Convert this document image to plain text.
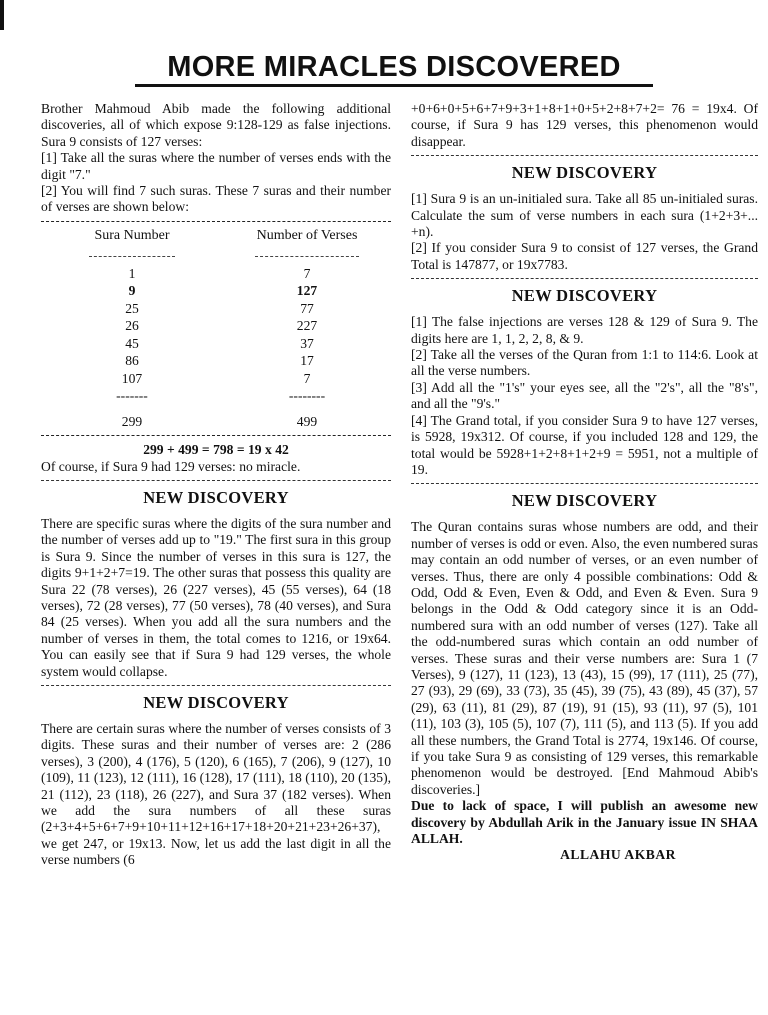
MORE MIRACLES DISCOVERED

Brother Mahmoud Abib made the following additional discoveries, all of which expose 9:128-129 as false injections. Sura 9 consists of 127 verses:

[1] Take all the suras where the number of verses ends with the digit "7."

[2] You will find 7 such suras. These 7 suras and their number of verses are shown below:

Sura Number	Number of Verses

1	7
9	127
25	77
26	227
45	37
86	17
107	7
-------	--------

299	499
299 + 499 = 798 = 19 x 42

Of course, if Sura 9 had 129 verses: no miracle.

NEW DISCOVERY

There are specific suras where the digits of the sura number and the number of verses add up to "19." The first sura in this group is Sura 9. Since the number of verses in this sura is 127, the digits 9+1+2+7=19. The other suras that possess this quality are Sura 22 (78 verses), 26 (227 verses), 45 (55 verses), 64 (18 verses), 72 (28 verses), 77 (50 verses), 78 (40 verses), and Sura 84 (25 verses). When you add all the sura numbers and the number of verses in them, the total comes to 1216, or 19x64. You can easily see that if Sura 9 had 129 verses, the whole system would collapse.

NEW DISCOVERY

There are certain suras where the number of verses consists of 3 digits. These suras and their number of verses are: 2 (286 verses), 3 (200), 4 (176), 5 (120), 6 (165), 7 (206), 9 (127), 10 (109), 11 (123), 12 (111), 16 (128), 17 (111), 18 (110), 20 (135), 21 (112), 23 (118), 26 (227), and Sura 37 (182 verses). When we add the sura numbers of all these suras (2+3+4+5+6+7+9+10+11+12+16+17+18+20+21+23+26+37), we get 247, or 19x13. Now, let us add the last digit in all the verse numbers (6

+0+6+0+5+6+7+9+3+1+8+1+0+5+2+8+7+2= 76 = 19x4. Of course, if Sura 9 has 129 verses, this phenomenon would disappear.

NEW DISCOVERY

[1] Sura 9 is an un-initialed sura. Take all 85 un-initialed suras. Calculate the sum of verse numbers in each sura (1+2+3+... +n).

[2] If you consider Sura 9 to consist of 127 verses, the Grand Total is 147877, or 19x7783.

NEW DISCOVERY

[1] The false injections are verses 128 & 129 of Sura 9. The digits here are 1, 1, 2, 2, 8, & 9.

[2] Take all the verses of the Quran from 1:1 to 114:6. Look at all the verse numbers.

[3] Add all the "1's" your eyes see, all the "2's", all the "8's", and all the "9's."

[4] The Grand total, if you consider Sura 9 to have 127 verses, is 5928, 19x312. Of course, if you included 128 and 129, the total would be 5928+1+2+8+1+2+9 = 5951, not a multiple of 19.

NEW DISCOVERY

The Quran contains suras whose numbers are odd, and their number of verses is odd or even. Also, the even numbered suras may contain an odd number of verses, or an even number of verses. Thus, there are only 4 possible combinations: Odd & Odd, Odd & Even, Even & Odd, and Even & Even. Sura 9 belongs in the Odd & Odd category since it is an Odd-numbered sura with an odd number of verses (127). Take all the odd-numbered suras which contain an odd number of verses. These suras and their verse numbers are: Sura 1 (7 Verses), 9 (127), 11 (123), 13 (43), 15 (99), 17 (111), 25 (77), 27 (93), 29 (69), 33 (73), 35 (45), 39 (75), 43 (89), 45 (37), 57 (29), 63 (11), 81 (29), 87 (19), 91 (15), 93 (11), 97 (5), 101 (11), 103 (3), 105 (5), 107 (7), 111 (5), and 113 (5). If you add all these numbers, the Grand Total is 2774, 19x146. Of course, if you take Sura 9 as consisting of 129 verses, this remarkable phenomenon would be destroyed. [End Mahmoud Abib's discoveries.]

Due to lack of space, I will publish an awesome new discovery by Abdullah Arik in the January issue IN SHAA ALLAH.

ALLAHU AKBAR
